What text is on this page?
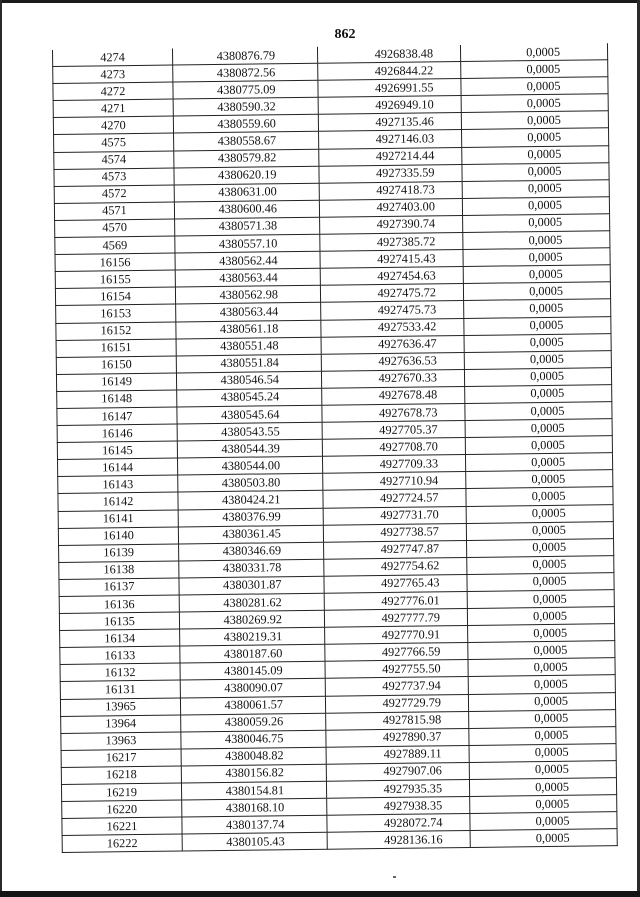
862
4274	4380876.79	4926838.48	0,0005
4273	4380872.56	4926844.22	0,0005
4272	4380775.09	4926991.55	0,0005
4271	4380590.32	4926949.10	0,0005
4270	4380559.60	4927135.46	0,0005
4575	4380558.67	4927146.03	0,0005
4574	4380579.82	4927214.44	0,0005
4573	4380620.19	4927335.59	0,0005
4572	4380631.00	4927418.73	0,0005
4571	4380600.46	4927403.00	0,0005
4570	4380571.38	4927390.74	0,0005
4569	4380557.10	4927385.72	0,0005
16156	4380562.44	4927415.43	0,0005
16155	4380563.44	4927454.63	0,0005
16154	4380562.98	4927475.72	0,0005
16153	4380563.44	4927475.73	0,0005
16152	4380561.18	4927533.42	0,0005
16151	4380551.48	4927636.47	0,0005
16150	4380551.84	4927636.53	0,0005
16149	4380546.54	4927670.33	0,0005
16148	4380545.24	4927678.48	0,0005
16147	4380545.64	4927678.73	0,0005
16146	4380543.55	4927705.37	0,0005
16145	4380544.39	4927708.70	0,0005
16144	4380544.00	4927709.33	0,0005
16143	4380503.80	4927710.94	0,0005
16142	4380424.21	4927724.57	0,0005
16141	4380376.99	4927731.70	0,0005
16140	4380361.45	4927738.57	0,0005
16139	4380346.69	4927747.87	0,0005
16138	4380331.78	4927754.62	0,0005
16137	4380301.87	4927765.43	0,0005
16136	4380281.62	4927776.01	0,0005
16135	4380269.92	4927777.79	0,0005
16134	4380219.31	4927770.91	0,0005
16133	4380187.60	4927766.59	0,0005
16132	4380145.09	4927755.50	0,0005
16131	4380090.07	4927737.94	0,0005
13965	4380061.57	4927729.79	0,0005
13964	4380059.26	4927815.98	0,0005
13963	4380046.75	4927890.37	0,0005
16217	4380048.82	4927889.11	0,0005
16218	4380156.82	4927907.06	0,0005
16219	4380154.81	4927935.35	0,0005
16220	4380168.10	4927938.35	0,0005
16221	4380137.74	4928072.74	0,0005
16222	4380105.43	4928136.16	0,0005
